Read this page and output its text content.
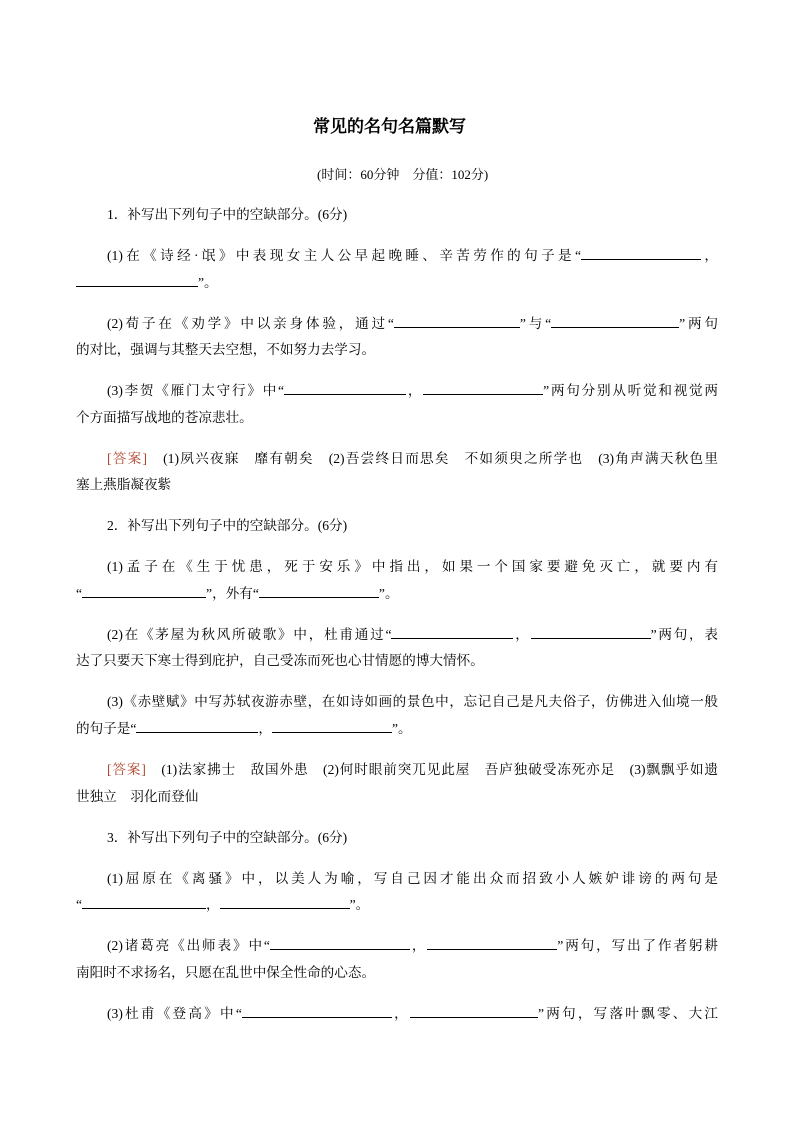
常见的名句名篇默写
(时间：60分钟　分值：102分)
1．补写出下列句子中的空缺部分。(6分)
(1)在《诗经·氓》中表现女主人公早起晚睡、辛苦劳作的句子是“	，
”。
(2)荀子在《劝学》中以亲身体验，通过“	”与“	”两句
的对比，强调与其整天去空想，不如努力去学习。
(3)李贺《雁门太守行》中“	，	”两句分别从听觉和视觉两
个方面描写战地的苍凉悲壮。
[答案]　(1)夙兴夜寐　靡有朝矣　(2)吾尝终日而思矣　不如须臾之所学也　(3)角声满天秋色里
塞上燕脂凝夜紫
2．补写出下列句子中的空缺部分。(6分)
(1)孟子在《生于忧患，死于安乐》中指出，如果一个国家要避免灭亡，就要内有
“	”，外有“	”。
(2)在《茅屋为秋风所破歌》中，杜甫通过“	，	”两句，表
达了只要天下寒士得到庇护，自己受冻而死也心甘情愿的博大情怀。
(3)《赤壁赋》中写苏轼夜游赤壁，在如诗如画的景色中，忘记自己是凡夫俗子，仿佛进入仙境一般
的句子是“	，	”。
[答案]　(1)法家拂士　敌国外患　(2)何时眼前突兀见此屋　吾庐独破受冻死亦足　(3)飘飘乎如遗
世独立　羽化而登仙
3．补写出下列句子中的空缺部分。(6分)
(1)屈原在《离骚》中，以美人为喻，写自己因才能出众而招致小人嫉妒诽谤的两句是
“	，	”。
(2)诸葛亮《出师表》中“	，	”两句，写出了作者躬耕
南阳时不求扬名，只愿在乱世中保全性命的心态。
(3)杜甫《登高》中“	，	”两句，写落叶飘零、大江
